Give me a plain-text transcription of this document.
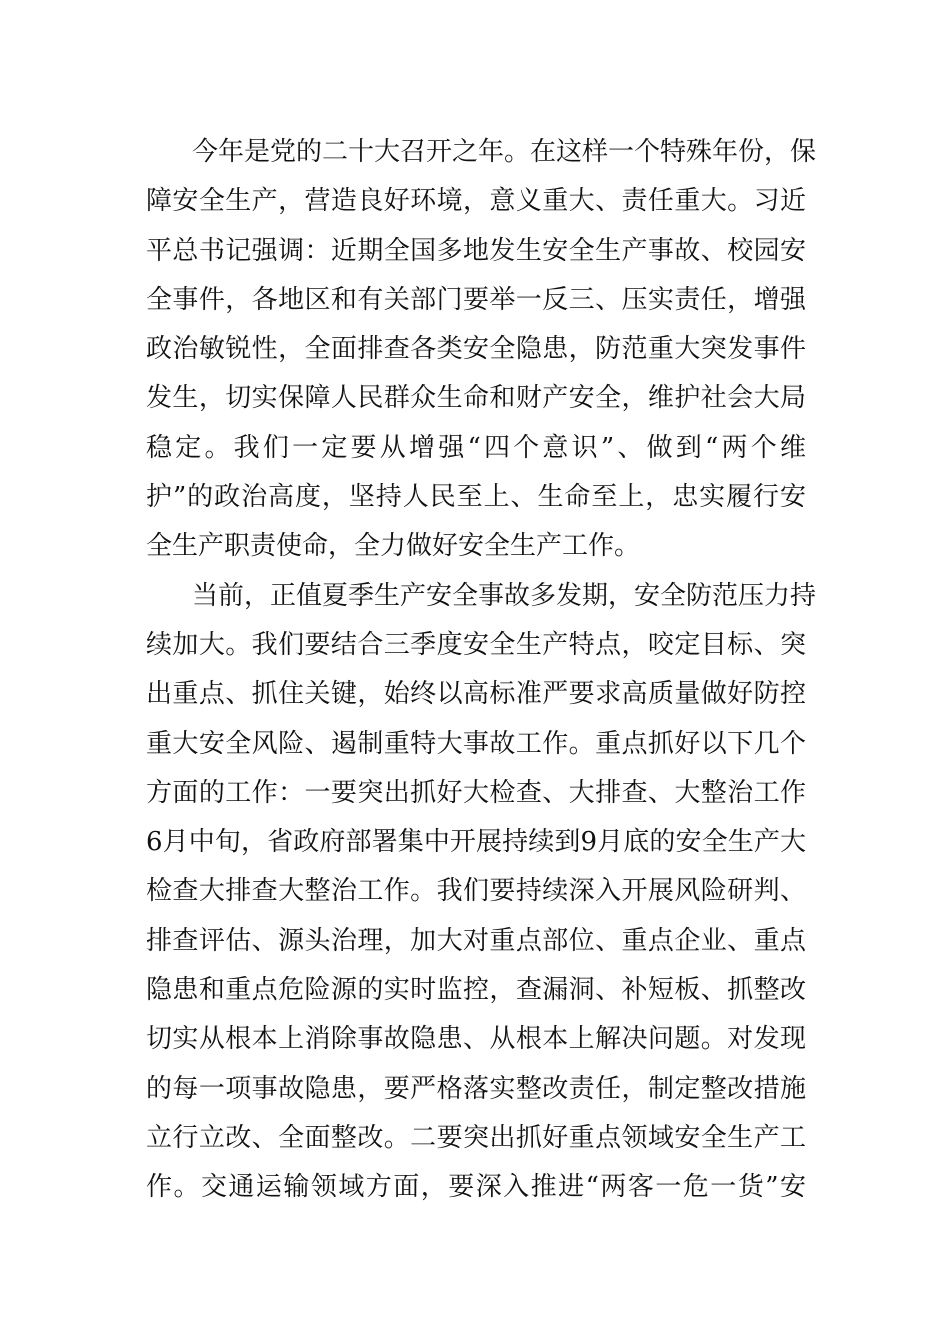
今年是党的二十大召开之年。在这样一个特殊年份，保
障安全生产，营造良好环境，意义重大、责任重大。习近
平总书记强调：近期全国多地发生安全生产事故、校园安
全事件，各地区和有关部门要举一反三、压实责任，增强
政治敏锐性，全面排查各类安全隐患，防范重大突发事件
发生，切实保障人民群众生命和财产安全，维护社会大局
稳定。我们一定要从增强“四个意识”、做到“两个维
护”的政治高度，坚持人民至上、生命至上，忠实履行安
全生产职责使命，全力做好安全生产工作。
当前，正值夏季生产安全事故多发期，安全防范压力持
续加大。我们要结合三季度安全生产特点，咬定目标、突
出重点、抓住关键，始终以高标准严要求高质量做好防控
重大安全风险、遏制重特大事故工作。重点抓好以下几个
方面的工作：一要突出抓好大检查、大排查、大整治工作
6月中旬，省政府部署集中开展持续到9月底的安全生产大
检查大排查大整治工作。我们要持续深入开展风险研判、
排查评估、源头治理，加大对重点部位、重点企业、重点
隐患和重点危险源的实时监控，查漏洞、补短板、抓整改
切实从根本上消除事故隐患、从根本上解决问题。对发现
的每一项事故隐患，要严格落实整改责任，制定整改措施
立行立改、全面整改。二要突出抓好重点领域安全生产工
作。交通运输领域方面，要深入推进“两客一危一货”安
